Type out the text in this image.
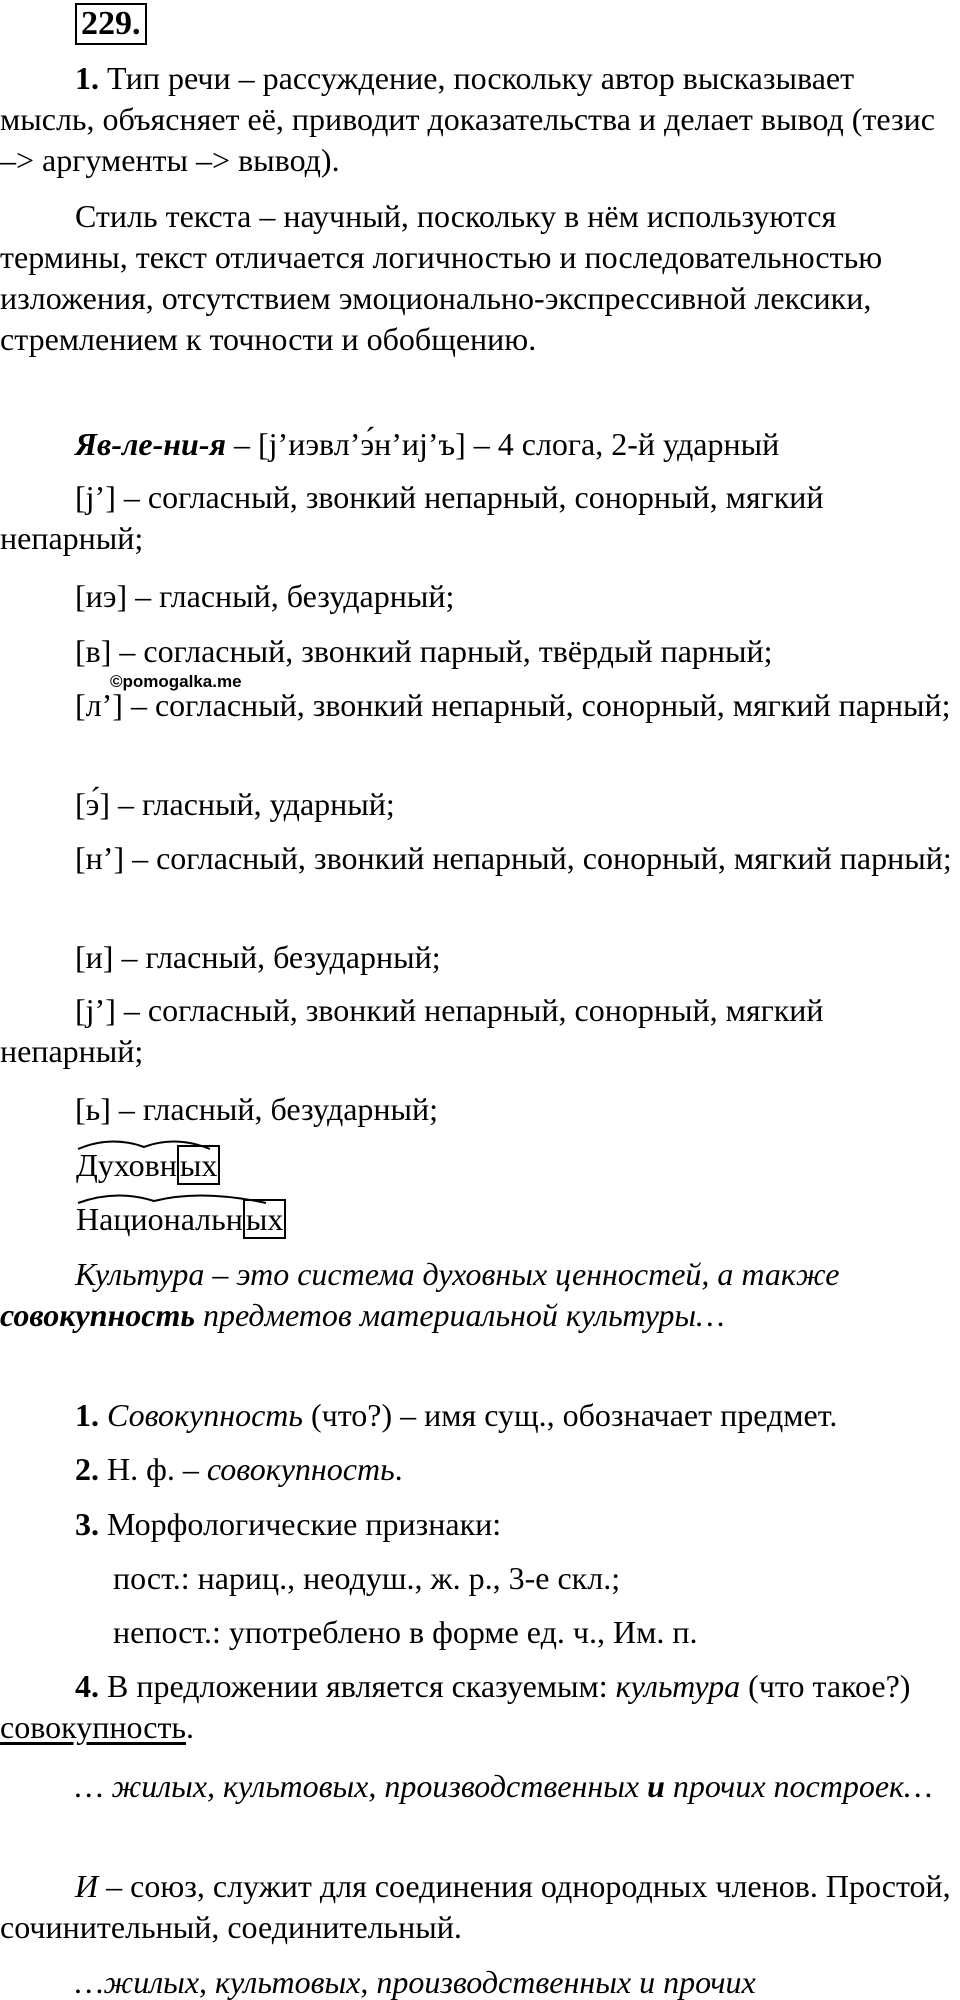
229.

1. Тип речи – рассуждение, поскольку автор высказывает мысль, объясняет её, приводит доказательства и делает вывод (тезис –> аргументы –> вывод).

Стиль текста – научный, поскольку в нём используются термины, текст отличается логичностью и последовательностью изложения, отсутствием эмоционально-экспрессивной лексики, стремлением к точности и обобщению.

Яв-ле-ни-я – [j’иэвл’э́н’иj’ъ] – 4 слога, 2-й ударный

[j’] – согласный, звонкий непарный, сонорный, мягкий непарный;

[иэ] – гласный, безударный;

[в] – согласный, звонкий парный, твёрдый парный;

©pomogalka.me

[л’] – согласный, звонкий непарный, сонорный, мягкий парный;

[э́] – гласный, ударный;

[н’] – согласный, звонкий непарный, сонорный, мягкий парный;

[и] – гласный, безударный;

[j’] – согласный, звонкий непарный, сонорный, мягкий непарный;

[ь] – гласный, безударный;

Духовных
Национальных

Культура – это система духовных ценностей, а также совокупность предметов материальной культуры…

1. Совокупность (что?) – имя сущ., обозначает предмет.

2. Н. ф. – совокупность.

3. Морфологические признаки:

пост.: нариц., неодуш., ж. р., 3-е скл.;

непост.: употреблено в форме ед. ч., Им. п.

4. В предложении является сказуемым: культура (что такое?) совокупность.

… жилых, культовых, производственных и прочих построек…

И – союз, служит для соединения однородных членов. Простой, сочинительный, соединительный.

…жилых, культовых, производственных и прочих
